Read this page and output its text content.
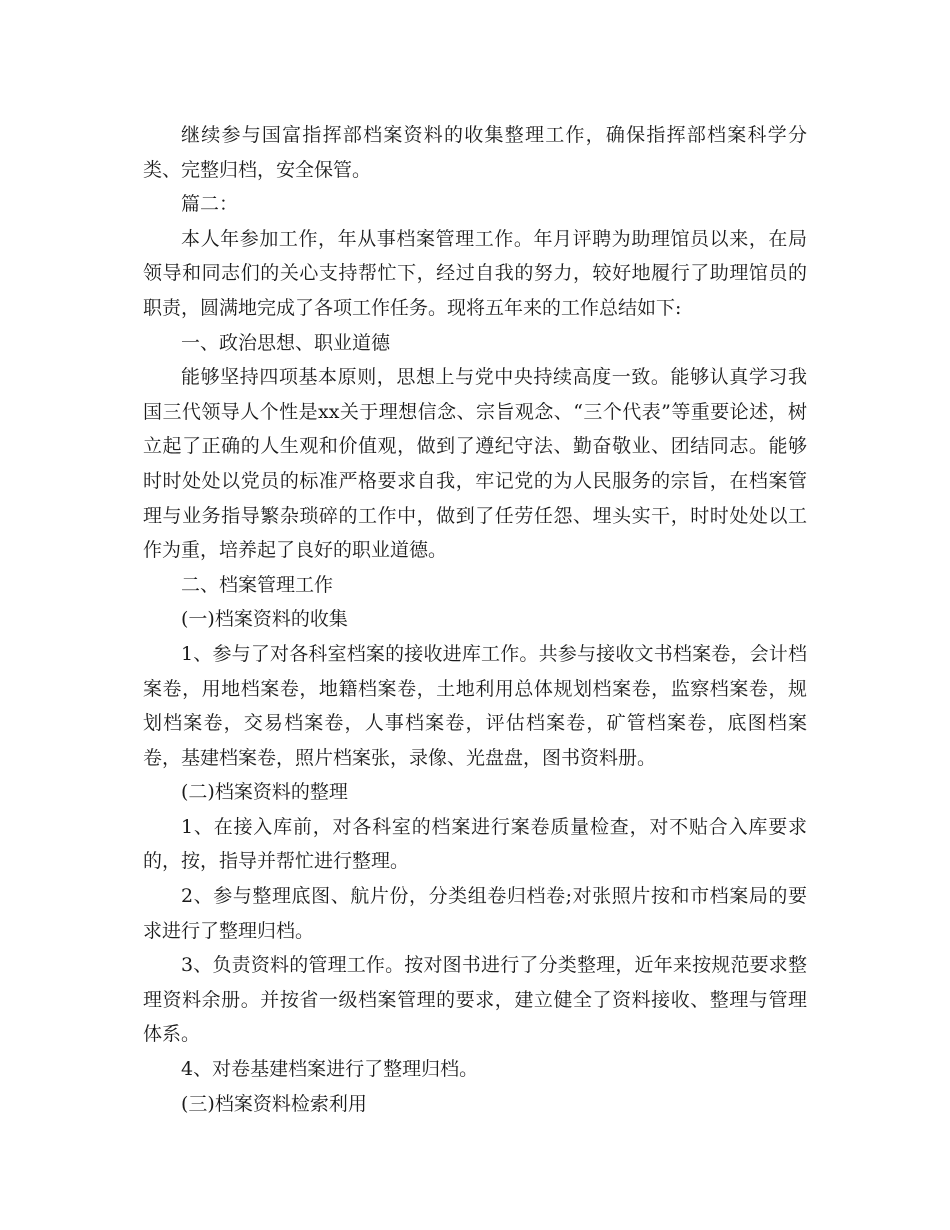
继续参与国富指挥部档案资料的收集整理工作，确保指挥部档案科学分类、完整归档，安全保管。

篇二：

本人年参加工作，年从事档案管理工作。年月评聘为助理馆员以来，在局领导和同志们的关心支持帮忙下，经过自我的努力，较好地履行了助理馆员的职责，圆满地完成了各项工作任务。现将五年来的工作总结如下:

一、政治思想、职业道德

能够坚持四项基本原则，思想上与党中央持续高度一致。能够认真学习我国三代领导人个性是xx关于理想信念、宗旨观念、“三个代表”等重要论述，树立起了正确的人生观和价值观，做到了遵纪守法、勤奋敬业、团结同志。能够时时处处以党员的标准严格要求自我，牢记党的为人民服务的宗旨，在档案管理与业务指导繁杂琐碎的工作中，做到了任劳任怨、埋头实干，时时处处以工作为重，培养起了良好的职业道德。

二、档案管理工作

(一)档案资料的收集

1、参与了对各科室档案的接收进库工作。共参与接收文书档案卷，会计档案卷，用地档案卷，地籍档案卷，土地利用总体规划档案卷，监察档案卷，规划档案卷，交易档案卷，人事档案卷，评估档案卷，矿管档案卷，底图档案卷，基建档案卷，照片档案张，录像、光盘盘，图书资料册。

(二)档案资料的整理

1、在接入库前，对各科室的档案进行案卷质量检查，对不贴合入库要求的，按，指导并帮忙进行整理。

2、参与整理底图、航片份，分类组卷归档卷;对张照片按和市档案局的要求进行了整理归档。

3、负责资料的管理工作。按对图书进行了分类整理，近年来按规范要求整理资料余册。并按省一级档案管理的要求，建立健全了资料接收、整理与管理体系。

4、对卷基建档案进行了整理归档。

(三)档案资料检索利用
